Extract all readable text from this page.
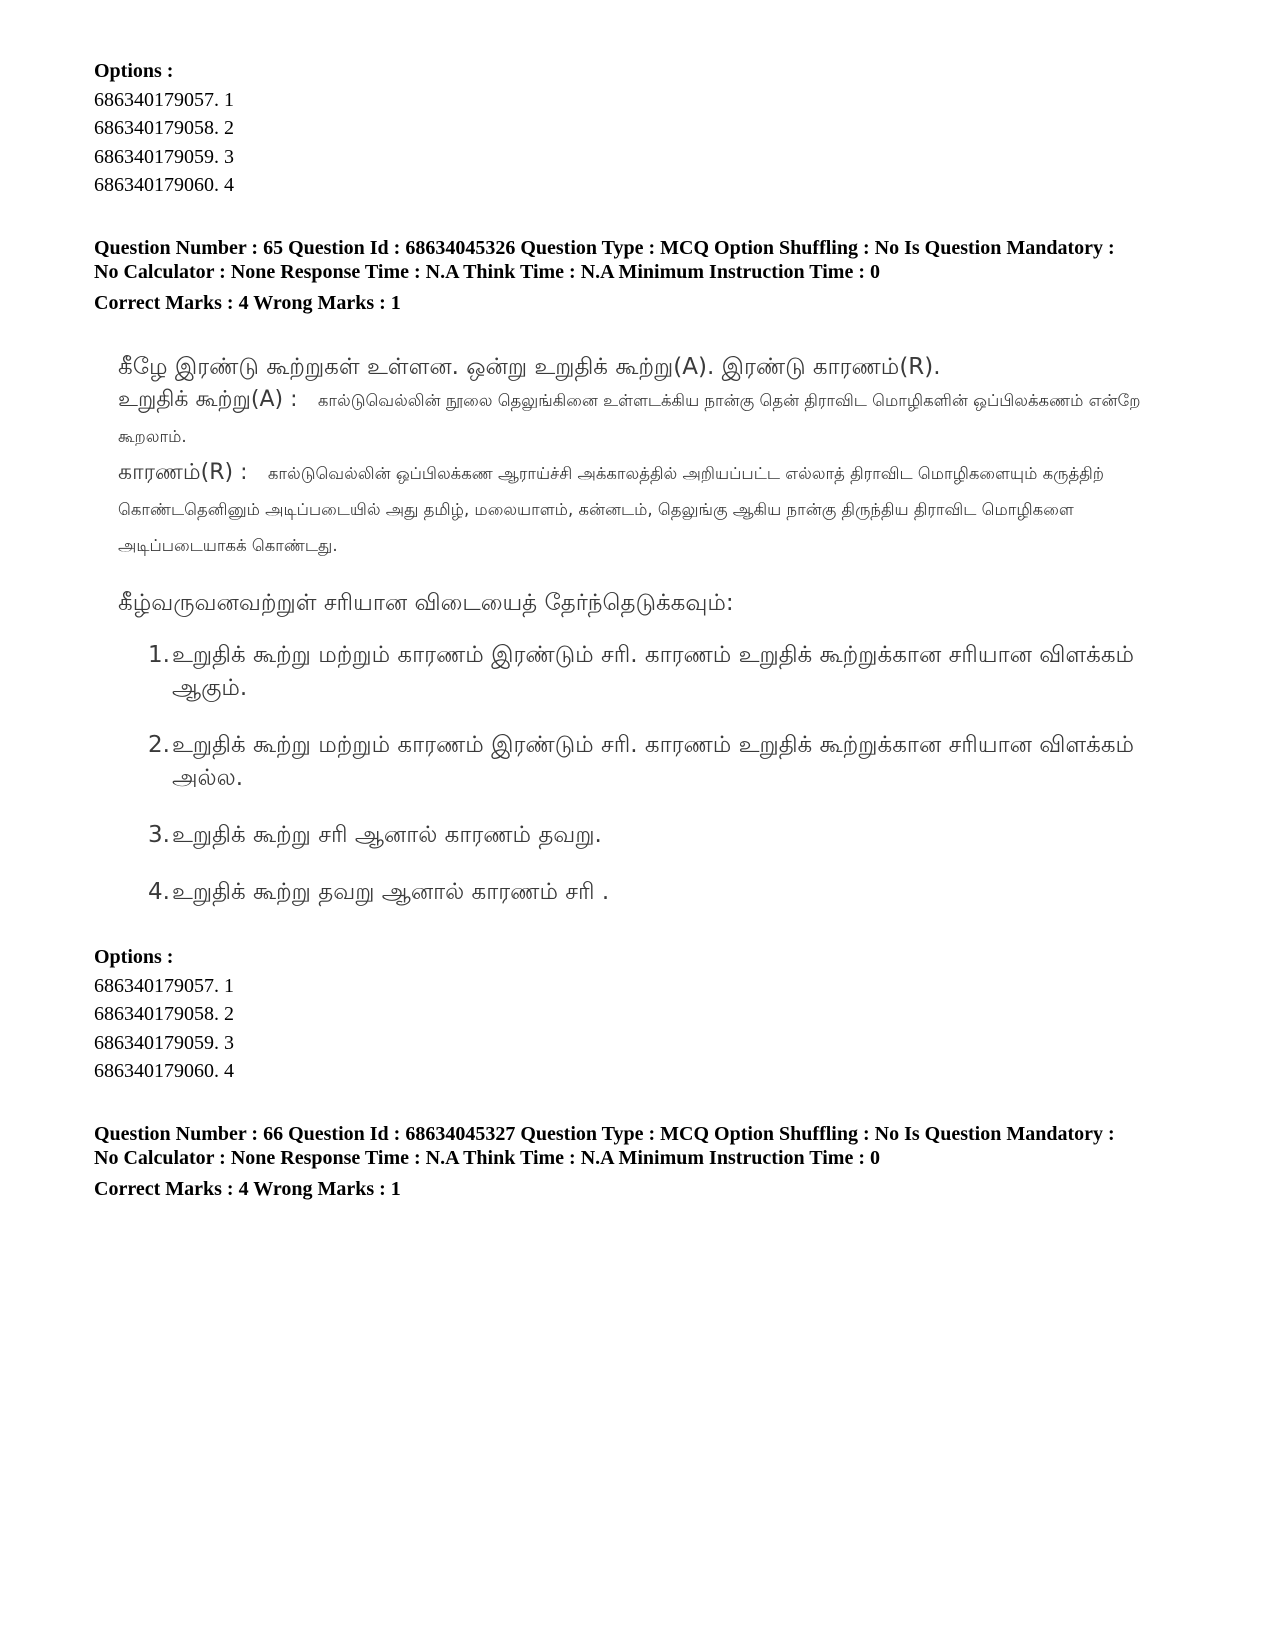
Options :
686340179057. 1
686340179058. 2
686340179059. 3
686340179060. 4
Question Number : 65 Question Id : 68634045326 Question Type : MCQ Option Shuffling : No Is Question Mandatory :
No Calculator : None Response Time : N.A Think Time : N.A Minimum Instruction Time : 0
Correct Marks : 4 Wrong Marks : 1

கீழே இரண்டு கூற்றுகள் உள்ளன. ஒன்று உறுதிக் கூற்று(A). இரண்டு காரணம்(R).

உறுதிக் கூற்று(A) : கால்டுவெல்லின் நூலை தெலுங்கினை உள்ளடக்கிய நான்கு தென் திராவிட மொழிகளின் ஒப்பிலக்கணம் என்றே கூறலாம்.

காரணம்(R) : கால்டுவெல்லின் ஒப்பிலக்கண ஆராய்ச்சி அக்காலத்தில் அறியப்பட்ட எல்லாத் திராவிட மொழிகளையும் கருத்திற் கொண்டதெனினும் அடிப்படையில் அது தமிழ், மலையாளம், கன்னடம், தெலுங்கு ஆகிய நான்கு திருந்திய திராவிட மொழிகளை அடிப்படையாகக் கொண்டது.

கீழ்வருவனவற்றுள் சரியான விடையைத் தேர்ந்தெடுக்கவும்:
1. உறுதிக் கூற்று மற்றும் காரணம் இரண்டும் சரி. காரணம் உறுதிக் கூற்றுக்கான சரியான விளக்கம் ஆகும்.
2. உறுதிக் கூற்று மற்றும் காரணம் இரண்டும் சரி. காரணம் உறுதிக் கூற்றுக்கான சரியான விளக்கம் அல்ல.
3. உறுதிக் கூற்று சரி ஆனால் காரணம் தவறு.
4. உறுதிக் கூற்று தவறு ஆனால் காரணம் சரி .
Options :
686340179057. 1
686340179058. 2
686340179059. 3
686340179060. 4
Question Number : 66 Question Id : 68634045327 Question Type : MCQ Option Shuffling : No Is Question Mandatory :
No Calculator : None Response Time : N.A Think Time : N.A Minimum Instruction Time : 0
Correct Marks : 4 Wrong Marks : 1
